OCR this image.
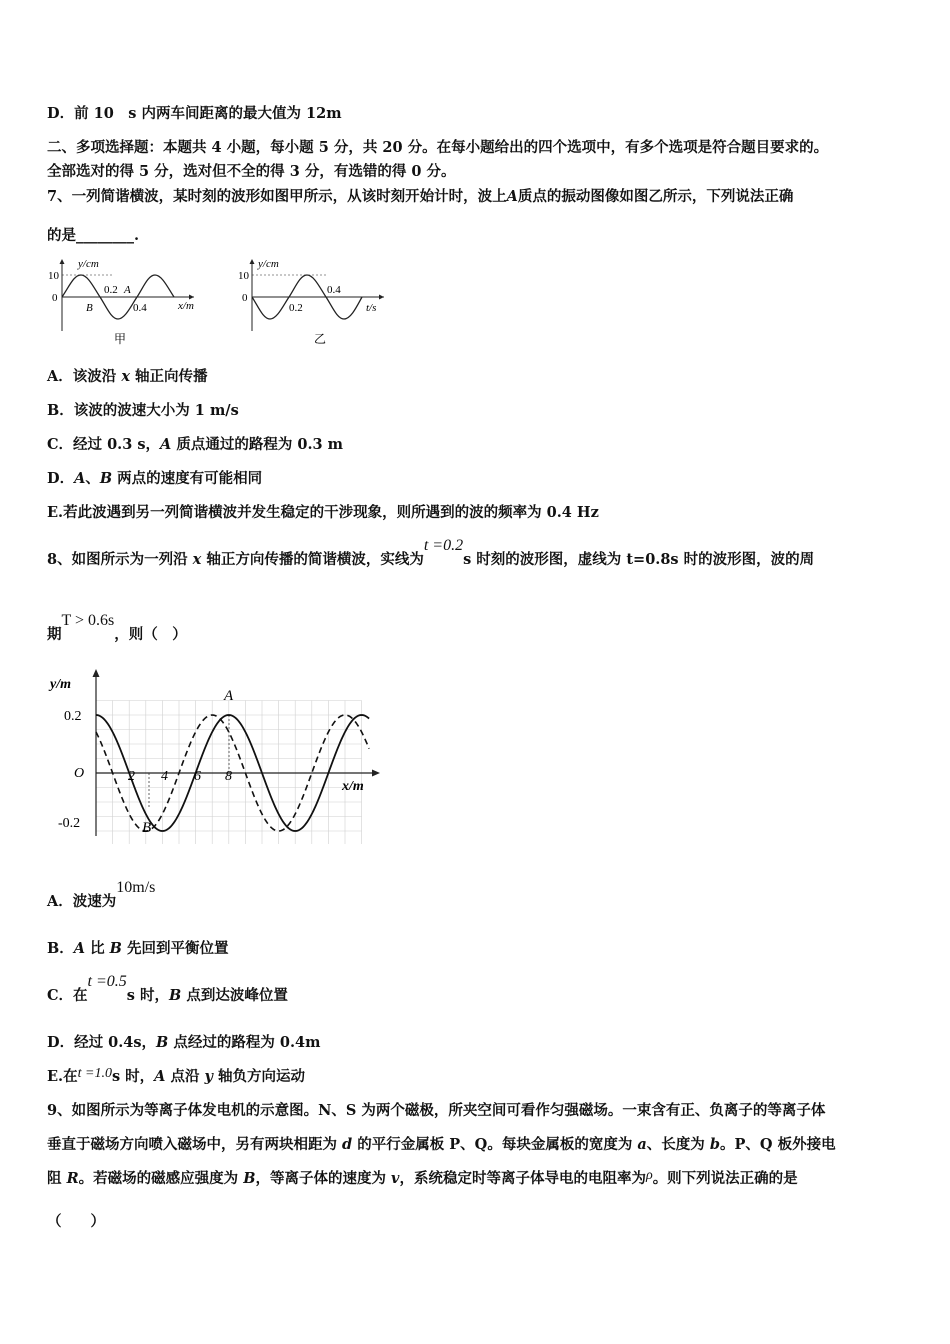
D．前 10　s 内两车间距离的最大值为 12m
二、多项选择题：本题共 4 小题，每小题 5 分，共 20 分。在每小题给出的四个选项中，有多个选项是符合题目要求的。
全部选对的得 5 分，选对但不全的得 3 分，有选错的得 0 分。
7、一列简谐横波，某时刻的波形如图甲所示，从该时刻开始计时，波上A质点的振动图像如图乙所示，下列说法正确
的是________.
y/cm
10
0
0.2 A
B	0.4	x/m
甲
y/cm
10
0
0.2
0.4
t/s
乙
A．该波沿 x 轴正向传播
B．该波的波速大小为 1 m/s
C．经过 0.3 s，A 质点通过的路程为 0.3 m
D．A、B 两点的速度有可能相同
E.若此波遇到另一列简谐横波并发生稳定的干涉现象，则所遇到的波的频率为 0.4 Hz
8、如图所示为一列沿 x 轴正方向传播的简谐横波，实线为t =0.2s 时刻的波形图，虚线为 t=0.8s 时的波形图，波的周
期T > 0.6s，则（　）
y/m
0.2
O
-0.2
2 4 6 8
A
B
x/m
A．波速为10m/s
B．A 比 B 先回到平衡位置
C．在t =0.5s 时，B 点到达波峰位置
D．经过 0.4s，B 点经过的路程为 0.4m
E.在t =1.0s 时，A 点沿 y 轴负方向运动
9、如图所示为等离子体发电机的示意图。N、S 为两个磁极，所夹空间可看作匀强磁场。一束含有正、负离子的等离子体
垂直于磁场方向喷入磁场中，另有两块相距为 d 的平行金属板 P、Q。每块金属板的宽度为 a、长度为 b。P、Q 板外接电
阻 R。若磁场的磁感应强度为 B，等离子体的速度为 v，系统稳定时等离子体导电的电阻率为ρ。则下列说法正确的是
（　　）
